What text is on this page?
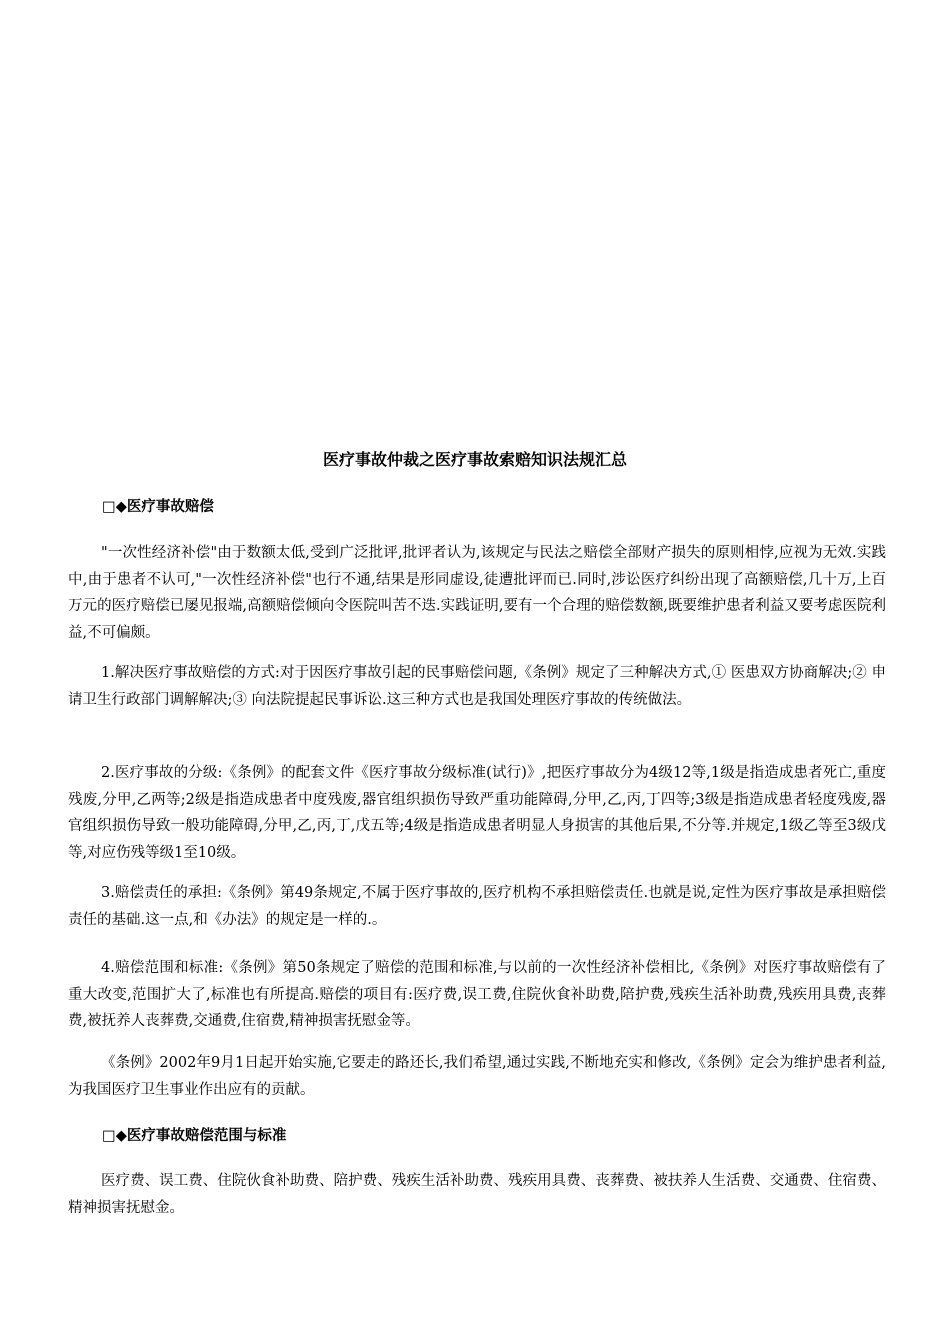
医疗事故仲裁之医疗事故索赔知识法规汇总
□◆医疗事故赔偿

"一次性经济补偿"由于数额太低,受到广泛批评,批评者认为,该规定与民法之赔偿全部财产损失的原则相悖,应视为无效.实践中,由于患者不认可,"一次性经济补偿"也行不通,结果是形同虚设,徒遭批评而已.同时,涉讼医疗纠纷出现了高额赔偿,几十万,上百万元的医疗赔偿已屡见报端,高额赔偿倾向令医院叫苦不迭.实践证明,要有一个合理的赔偿数额,既要维护患者利益又要考虑医院利益,不可偏颇。

1.解决医疗事故赔偿的方式:对于因医疗事故引起的民事赔偿问题,《条例》规定了三种解决方式,① 医患双方协商解决;② 申请卫生行政部门调解解决;③ 向法院提起民事诉讼.这三种方式也是我国处理医疗事故的传统做法。

2.医疗事故的分级:《条例》的配套文件《医疗事故分级标准(试行)》,把医疗事故分为4级12等,1级是指造成患者死亡,重度残废,分甲,乙两等;2级是指造成患者中度残废,器官组织损伤导致严重功能障碍,分甲,乙,丙,丁四等;3级是指造成患者轻度残废,器官组织损伤导致一般功能障碍,分甲,乙,丙,丁,戊五等;4级是指造成患者明显人身损害的其他后果,不分等.并规定,1级乙等至3级戊等,对应伤残等级1至10级。

3.赔偿责任的承担:《条例》第49条规定,不属于医疗事故的,医疗机构不承担赔偿责任.也就是说,定性为医疗事故是承担赔偿责任的基础.这一点,和《办法》的规定是一样的.。

4.赔偿范围和标准:《条例》第50条规定了赔偿的范围和标准,与以前的一次性经济补偿相比,《条例》对医疗事故赔偿有了重大改变,范围扩大了,标准也有所提高.赔偿的项目有:医疗费,误工费,住院伙食补助费,陪护费,残疾生活补助费,残疾用具费,丧葬费,被抚养人丧葬费,交通费,住宿费,精神损害抚慰金等。

《条例》2002年9月1日起开始实施,它要走的路还长,我们希望,通过实践,不断地充实和修改,《条例》定会为维护患者利益,为我国医疗卫生事业作出应有的贡献。

□◆医疗事故赔偿范围与标准

医疗费、误工费、住院伙食补助费、陪护费、残疾生活补助费、残疾用具费、丧葬费、被扶养人生活费、交通费、住宿费、精神损害抚慰金。
